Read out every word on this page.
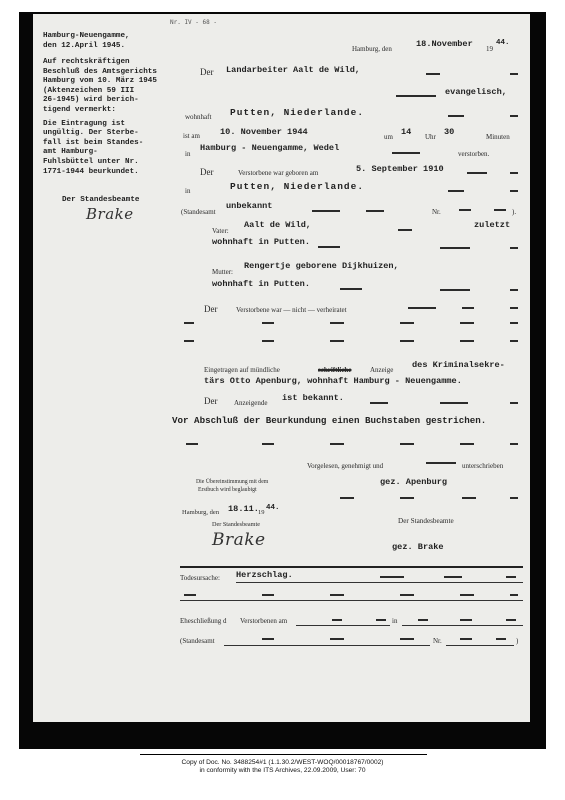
Nr. IV - 68 -
Hamburg-Neuengamme,
den 12.April 1945.
Auf rechtskräftigen
Beschluß des Amtsgerichts
Hamburg vom 10. März 1945
(Aktenzeichen 59 III
26-1945) wird berich-
tigend vermerkt:
Die Eintragung ist
ungültig. Der Sterbe-
fall ist beim Standes-
amt Hamburg-
Fuhlsbüttel unter Nr.
1771-1944 beurkundet.
Der Standesbeamte
Brake
Hamburg, den	18.November 19
44.
Der Landarbeiter Aalt de Wild,
evangelisch,
wohnhaft Putten, Niederlande.
ist am 10. November 1944	um 14 Uhr 30	Minuten
in
Hamburg - Neuengamme, Wedel
verstorben.
Der	Verstorbene war geboren am	5. September 1910
in	Putten, Niederlande.
(Standesamt
unbekannt
Nr.	).
Vater:
Aalt de Wild,	zuletzt
wohnhaft in Putten.
Mutter:
Rengertje geborene Dijkhuizen,
wohnhaft in Putten.
Der	Verstorbene war — nicht — verheiratet
Eingetragen auf mündliche	schriftliche	Anzeige des Kriminalsekre-
tärs Otto Apenburg, wohnhaft Hamburg - Neuengamme.
Der Anzeigende ist bekannt.
Vor Abschluß der Beurkundung einen Buchstaben gestrichen.
Vorgelesen, genehmigt und	unterschrieben
gez. Apenburg
Die Übereinstimmung mit dem
Erstbuch wird beglaubigt
Hamburg, den 18.11. 19
44.
Der Standesbeamte
Brake
Der Standesbeamte
gez. Brake
Todesursache: Herzschlag.
Eheschließung d Verstorbenen am	in
(Standesamt	Nr.	)
Copy of Doc. No. 3488254#1 (1.1.30.2/WEST-WOQ/00018767/0002)
in conformity with the ITS Archives, 22.09.2009, User: 70
